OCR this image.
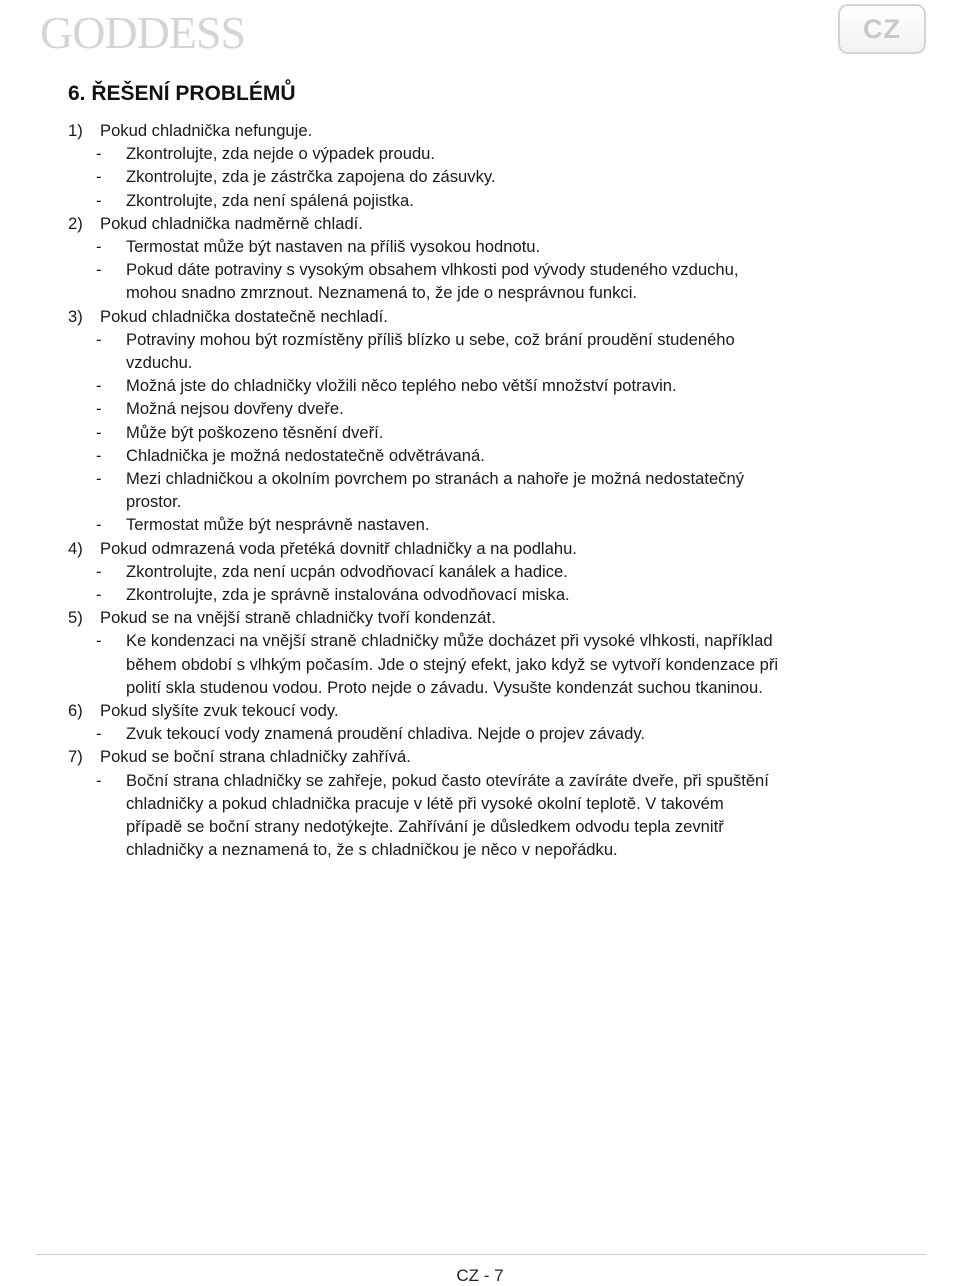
GODDESS	CZ
6. ŘEŠENÍ PROBLÉMŮ
1)	Pokud chladnička nefunguje.
-	Zkontrolujte, zda nejde o výpadek proudu.
-	Zkontrolujte, zda je zástrčka zapojena do zásuvky.
-	Zkontrolujte, zda není spálená pojistka.
2)	Pokud chladnička nadměrně chladí.
-	Termostat může být nastaven na příliš vysokou hodnotu.
-	Pokud dáte potraviny s vysokým obsahem vlhkosti pod vývody studeného vzduchu,
mohou snadno zmrznout. Neznamená to, že jde o nesprávnou funkci.
3)	Pokud chladnička dostatečně nechladí.
-	Potraviny mohou být rozmístěny příliš blízko u sebe, což brání proudění studeného
vzduchu.
-	Možná jste do chladničky vložili něco teplého nebo větší množství potravin.
-	Možná nejsou dovřeny dveře.
-	Může být poškozeno těsnění dveří.
-	Chladnička je možná nedostatečně odvětrávaná.
-	Mezi chladničkou a okolním povrchem po stranách a nahoře je možná nedostatečný
prostor.
-	Termostat může být nesprávně nastaven.
4)	Pokud odmrazená voda přetéká dovnitř chladničky a na podlahu.
-	Zkontrolujte, zda není ucpán odvodňovací kanálek a hadice.
-	Zkontrolujte, zda je správně instalována odvodňovací miska.
5)	Pokud se na vnější straně chladničky tvoří kondenzát.
-	Ke kondenzaci na vnější straně chladničky může docházet při vysoké vlhkosti, například
během období s vlhkým počasím. Jde o stejný efekt, jako když se vytvoří kondenzace při
polití skla studenou vodou. Proto nejde o závadu. Vysušte kondenzát suchou tkaninou.
6)	Pokud slyšíte zvuk tekoucí vody.
-	Zvuk tekoucí vody znamená proudění chladiva. Nejde o projev závady.
7)	Pokud se boční strana chladničky zahřívá.
-	Boční strana chladničky se zahřeje, pokud často otevíráte a zavíráte dveře, při spuštění
chladničky a pokud chladnička pracuje v létě při vysoké okolní teplotě. V takovém
případě se boční strany nedotýkejte. Zahřívání je důsledkem odvodu tepla zevnitř
chladničky a neznamená to, že s chladničkou je něco v nepořádku.
CZ - 7
